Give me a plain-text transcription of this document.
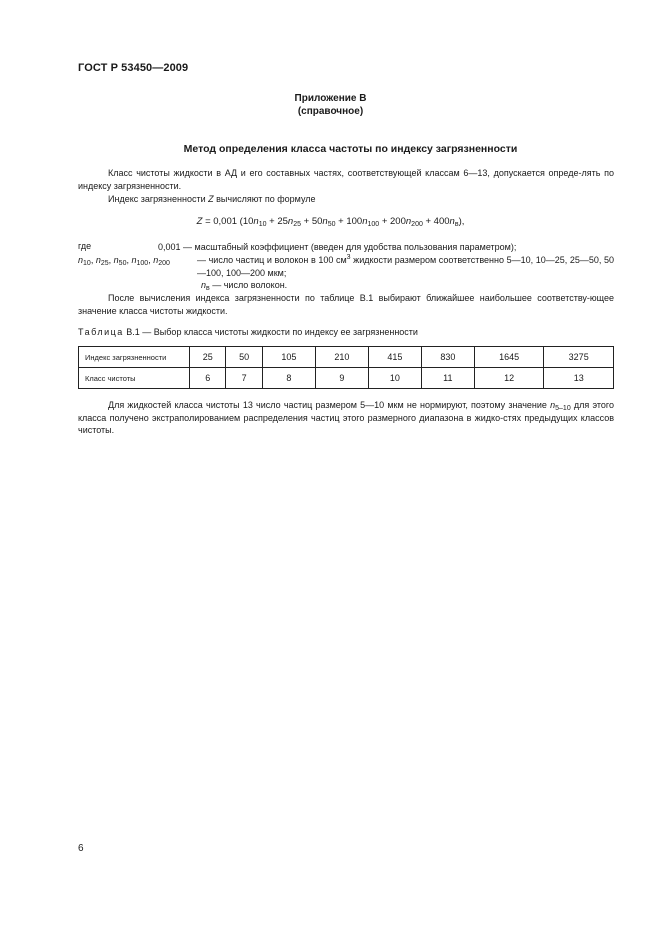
ГОСТ Р 53450—2009
Приложение В
(справочное)
Метод определения класса частоты по индексу загрязненности
Класс чистоты жидкости в АД и его составных частях, соответствующей классам 6—13, допускается опреде-лять по индексу загрязненности.
Индекс загрязненности Z вычисляют по формуле
Z = 0,001 $(10n_{10} + 25n_{25} + 50n_{50} + 100n_{100} + 200n_{200} + 400n_в)$,
где	0,001 — масштабный коэффициент (введен для удобства пользования параметром);
$n_{10}$, $n_{25}$, $n_{50}$, $n_{100}$, $n_{200}$	— число частиц и волокон в 100 $см^3$ жидкости размером соответственно 5—10, 10—25, 25—50, 50—100, 100—200 мкм;
$n_в$ — число волокон.
После вычисления индекса загрязненности по таблице В.1 выбирают ближайшее наибольшее соответству-ющее значение класса чистоты жидкости.
Таблица В.1 — Выбор класса чистоты жидкости по индексу ее загрязненности
Индекс загрязненности	25	50	105	210	415	830	1645	3275
Класс чистоты	6	7	8	9	10	11	12	13
Для жидкостей класса чистоты 13 число частиц размером 5—10 мкм не нормируют, поэтому значение $n_{5-10}$ для этого класса получено экстраполированием распределения частиц этого размерного диапазона в жидко-стях предыдущих классов чистоты.
6
